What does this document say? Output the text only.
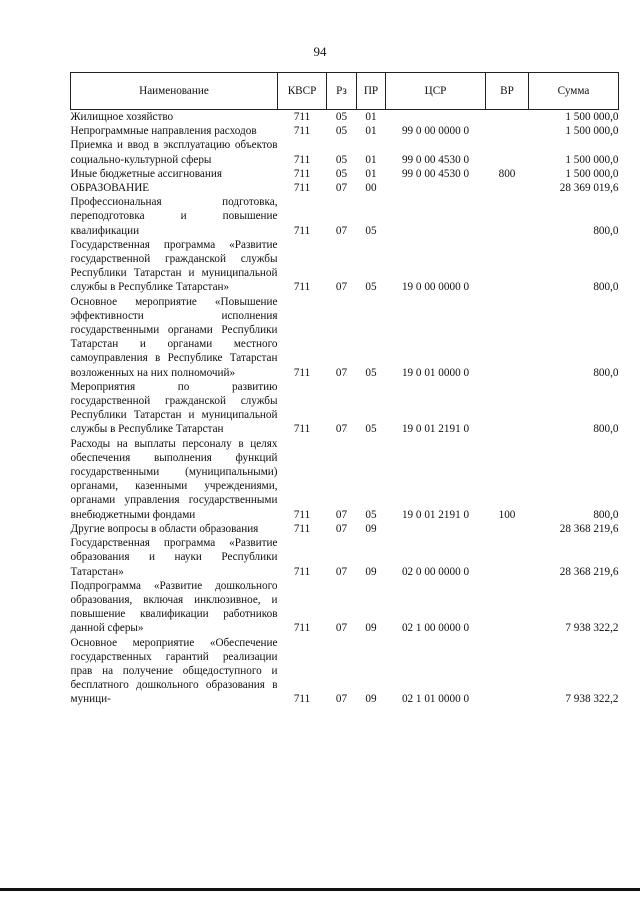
94
Наименование	КВСР	Рз	ПР	ЦСР	ВР	Сумма
Жилищное хозяйство	711	05	01			1 500 000,0
Непрограммные направления расходов	711	05	01	99 0 00 0000 0		1 500 000,0
Приемка и ввод в эксплуатацию объектов социально-культурной сферы	711	05	01	99 0 00 4530 0		1 500 000,0
Иные бюджетные ассигнования	711	05	01	99 0 00 4530 0	800	1 500 000,0
ОБРАЗОВАНИЕ	711	07	00			28 369 019,6
Профессиональная подготовка, переподготовка и повышение квалификации	711	07	05			800,0
Государственная программа «Развитие государственной гражданской службы Республики Татарстан и муниципальной службы в Республике Татарстан»	711	07	05	19 0 00 0000 0		800,0
Основное мероприятие «Повышение эффективности исполнения государственными органами Республики Татарстан и органами местного самоуправления в Республике Татарстан возложенных на них полномочий»	711	07	05	19 0 01 0000 0		800,0
Мероприятия по развитию государственной гражданской службы Республики Татарстан и муниципальной службы в Республике Татарстан	711	07	05	19 0 01 2191 0		800,0
Расходы на выплаты персоналу в целях обеспечения выполнения функций государственными (муниципальными) органами, казенными учреждениями, органами управления государственными внебюджетными фондами	711	07	05	19 0 01 2191 0	100	800,0
Другие вопросы в области образования	711	07	09			28 368 219,6
Государственная программа «Развитие образования и науки Республики Татарстан»	711	07	09	02 0 00 0000 0		28 368 219,6
Подпрограмма «Развитие дошкольного образования, включая инклюзивное, и повышение квалификации работников данной сферы»	711	07	09	02 1 00 0000 0		7 938 322,2
Основное мероприятие «Обеспечение государственных гарантий реализации прав на получение общедоступного и бесплатного дошкольного образования в муници-	711	07	09	02 1 01 0000 0		7 938 322,2
